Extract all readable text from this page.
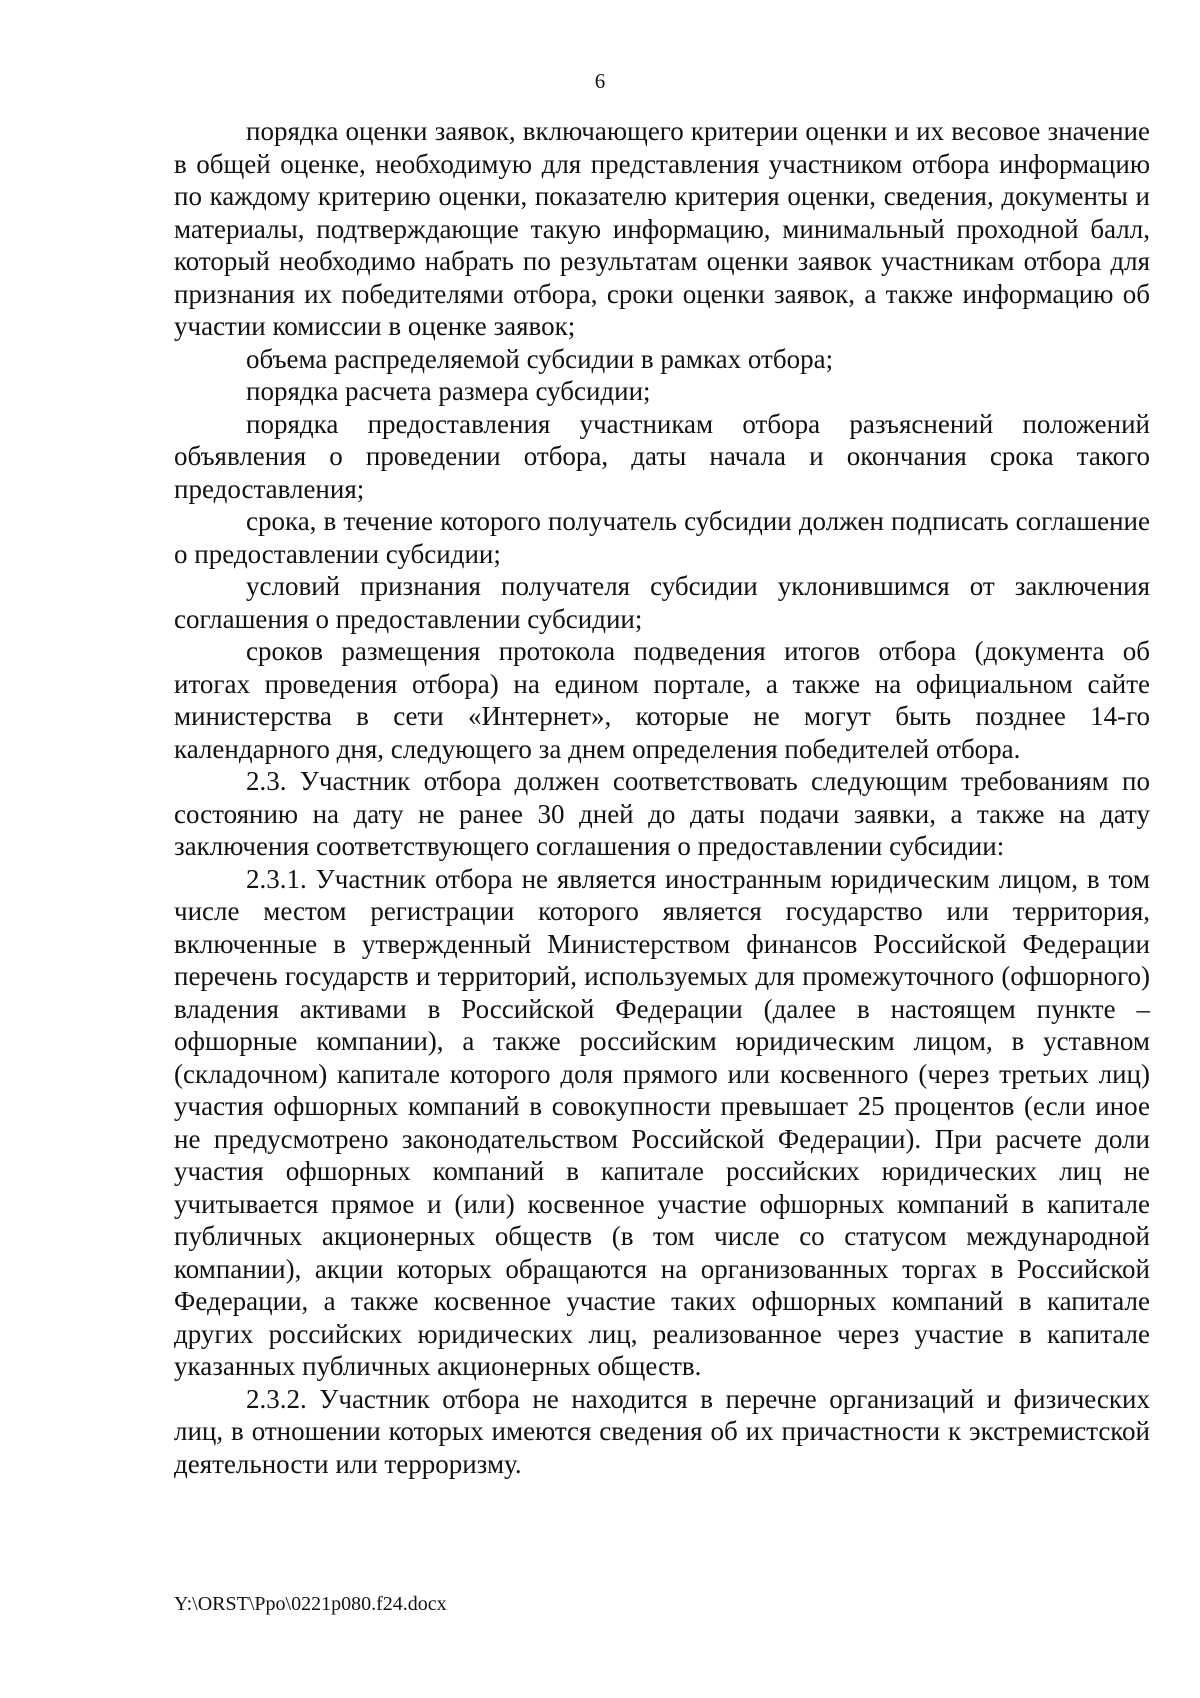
6

порядка оценки заявок, включающего критерии оценки и их весовое значение в общей оценке, необходимую для представления участником отбора информацию по каждому критерию оценки, показателю критерия оценки, сведения, документы и материалы, подтверждающие такую информацию, минимальный проходной балл, который необходимо набрать по результатам оценки заявок участникам отбора для признания их победителями отбора, сроки оценки заявок, а также информацию об участии комиссии в оценке заявок;

объема распределяемой субсидии в рамках отбора;

порядка расчета размера субсидии;

порядка предоставления участникам отбора разъяснений положений объявления о проведении отбора, даты начала и окончания срока такого предоставления;

срока, в течение которого получатель субсидии должен подписать соглашение о предоставлении субсидии;

условий признания получателя субсидии уклонившимся от заключения соглашения о предоставлении субсидии;

сроков размещения протокола подведения итогов отбора (документа об итогах проведения отбора) на едином портале, а также на официальном сайте министерства в сети «Интернет», которые не могут быть позднее 14-го календарного дня, следующего за днем определения победителей отбора.

2.3. Участник отбора должен соответствовать следующим требованиям по состоянию на дату не ранее 30 дней до даты подачи заявки, а также на дату заключения соответствующего соглашения о предоставлении субсидии:

2.3.1. Участник отбора не является иностранным юридическим лицом, в том числе местом регистрации которого является государство или территория, включенные в утвержденный Министерством финансов Российской Федерации перечень государств и территорий, используемых для промежуточного (офшорного) владения активами в Российской Федерации (далее в настоящем пункте – офшорные компании), а также российским юридическим лицом, в уставном (складочном) капитале которого доля прямого или косвенного (через третьих лиц) участия офшорных компаний в совокупности превышает 25 процентов (если иное не предусмотрено законодательством Российской Федерации). При расчете доли участия офшорных компаний в капитале российских юридических лиц не учитывается прямое и (или) косвенное участие офшорных компаний в капитале публичных акционерных обществ (в том числе со статусом международной компании), акции которых обращаются на организованных торгах в Российской Федерации, а также косвенное участие таких офшорных компаний в капитале других российских юридических лиц, реализованное через участие в капитале указанных публичных акционерных обществ.

2.3.2. Участник отбора не находится в перечне организаций и физических лиц, в отношении которых имеются сведения об их причастности к экстремистской деятельности или терроризму.

Y:\ORST\Ppo\0221p080.f24.docx
